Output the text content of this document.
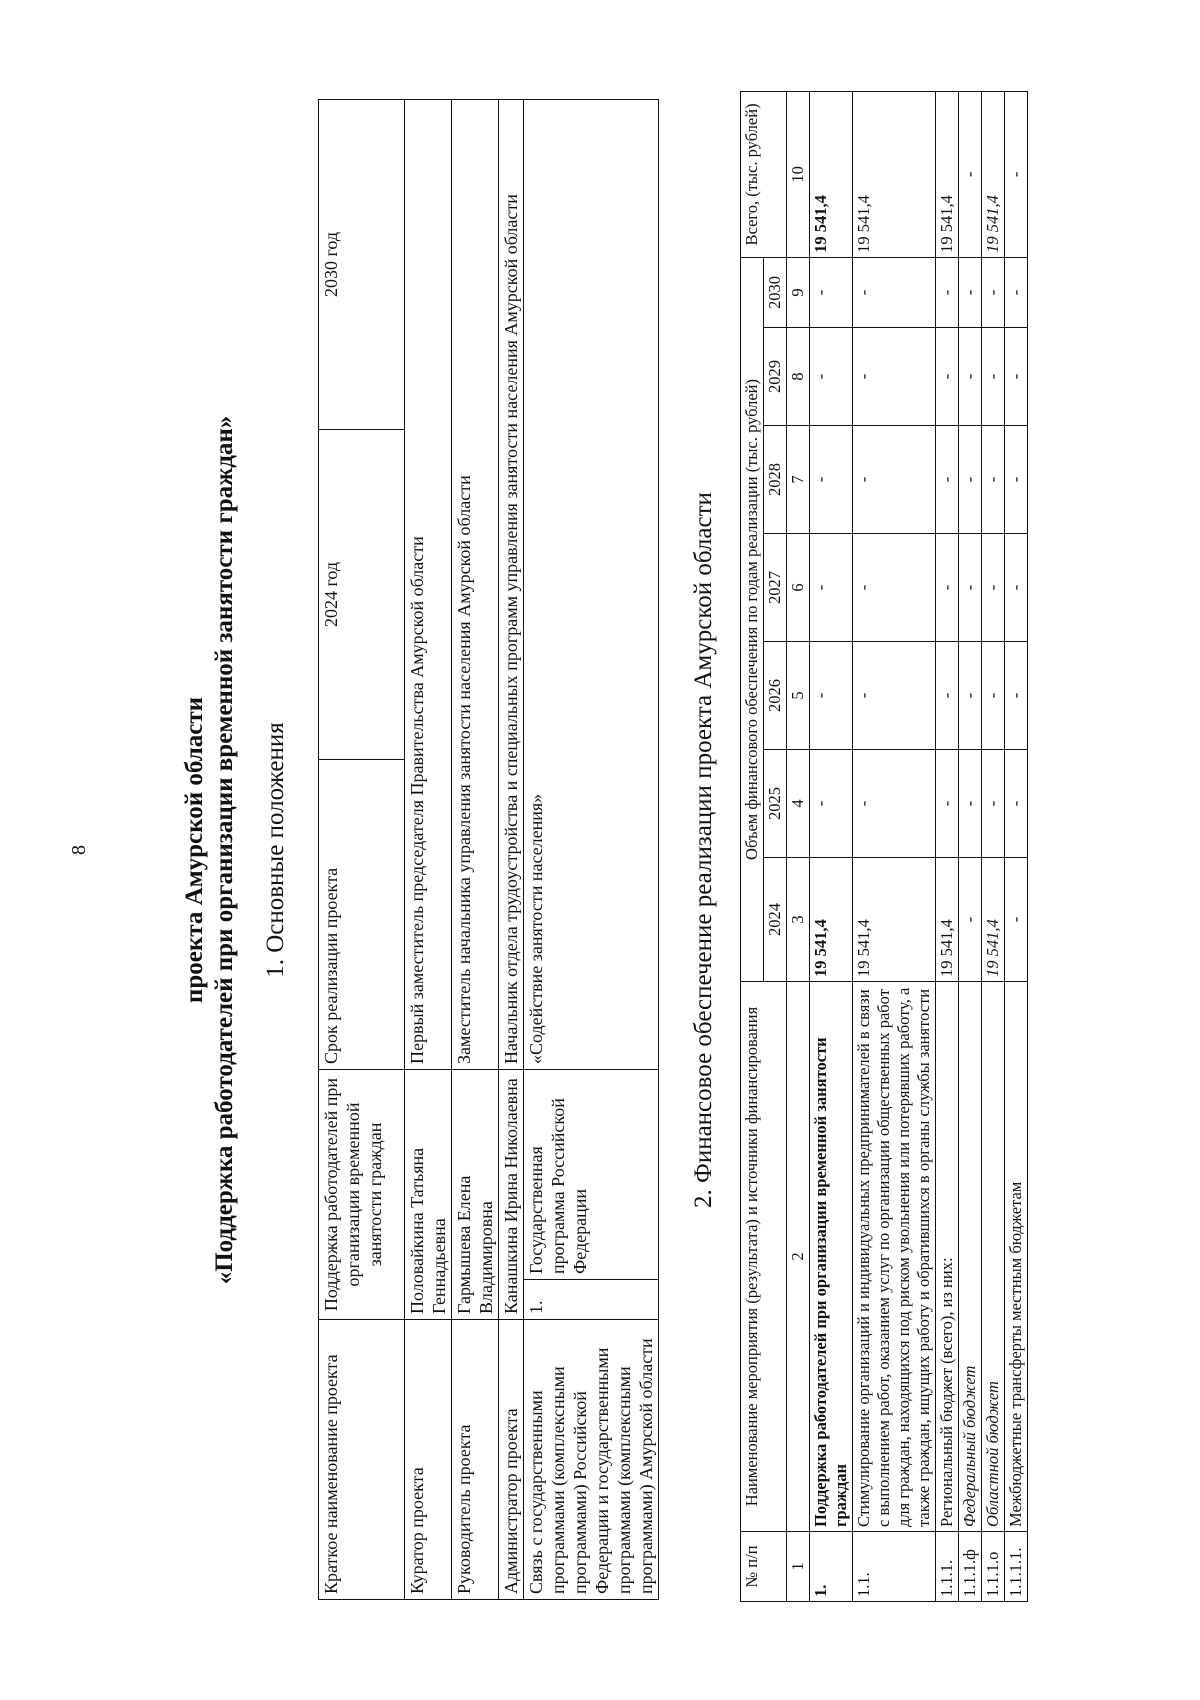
8	проекта Амурской области «Поддержка работодателей при организации временной занятости граждан» 1. Основные положения
Краткое наименование проекта	Поддержка работодателей при организации временной занятости граждан		Срок реализации проекта	2024 год	2030 год
Куратор проекта	Половайкина Татьяна Геннадьевна		Первый заместитель председателя Правительства Амурской области		
Руководитель проекта	Гармышева Елена Владимировна		Заместитель начальника управления занятости населения Амурской области		
Администратор проекта	Канашкина Ирина Николаевна		Начальник отдела трудоустройства и специальных программ управления занятости населения Амурской области		
Связь с государственными программами (комплексными программами) Российской Федерации и государственными программами (комплексными программами) Амурской области	1.	Государственная программа Российской Федерации	«Содействие занятости населения»			2. Финансовое обеспечение реализации проекта Амурской области
№ п/п	Наименование мероприятия (результата) и источники финансирования	Объем финансового обеспечения по годам реализации (тыс. рублей)							Всего, (тыс. рублей)
		2024	2025	2026	2027	2028	2029	2030	
1	2	3	4	5	6	7	8	9	10
1.	Поддержка работодателей при организации временной занятости граждан	19 541,4	-	-	-	-	-	-	19 541,4
1.1.	Стимулирование организаций и индивидуальных предпринимателей в связи с выполнением работ, оказанием услуг по организации общественных работ для граждан, находящихся под риском увольнения или потерявших работу, а также граждан, ищущих работу и обратившихся в органы службы занятости	19 541,4	-	-	-	-	-	-	19 541,4
1.1.1.	Региональный бюджет (всего), из них:	19 541,4	-	-	-	-	-	-	19 541,4
1.1.1.ф	Федеральный бюджет	-	-	-	-	-	-	-	-
1.1.1.о	Областной бюджет	19 541,4	-	-	-	-	-	-	19 541,4
1.1.1.1.	Межбюджетные трансферты местным бюджетам	-	-	-	-	-	-	-	-
